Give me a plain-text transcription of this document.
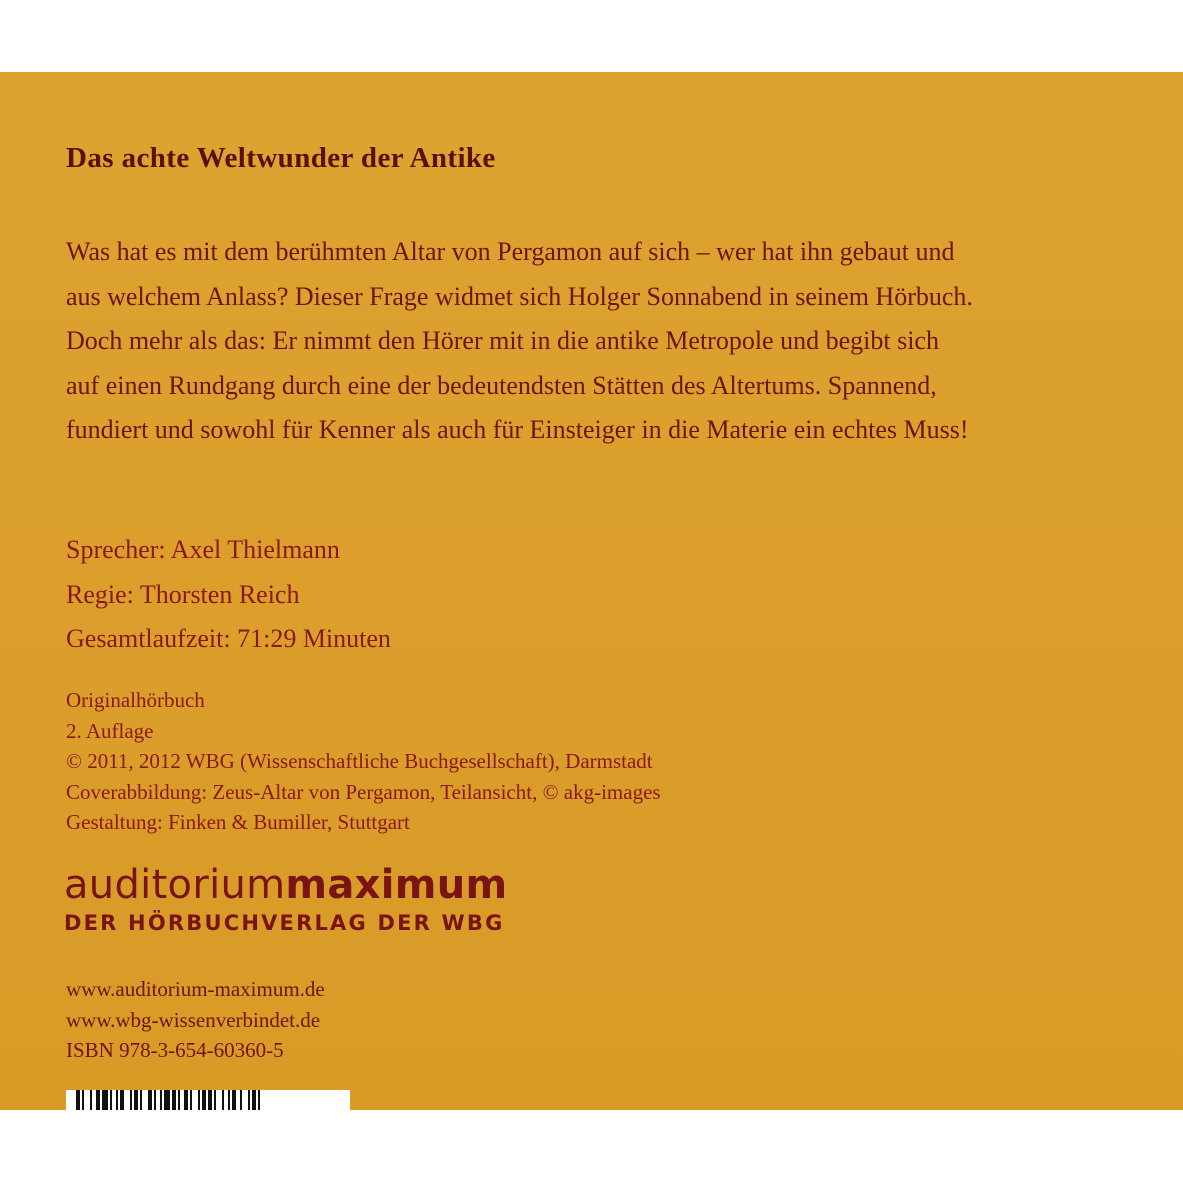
Das achte Weltwunder der Antike
Was hat es mit dem berühmten Altar von Pergamon auf sich – wer hat ihn gebaut und
aus welchem Anlass? Dieser Frage widmet sich Holger Sonnabend in seinem Hörbuch.
Doch mehr als das: Er nimmt den Hörer mit in die antike Metropole und begibt sich
auf einen Rundgang durch eine der bedeutendsten Stätten des Altertums. Spannend,
fundiert und sowohl für Kenner als auch für Einsteiger in die Materie ein echtes Muss!
Sprecher: Axel Thielmann
Regie: Thorsten Reich
Gesamtlaufzeit: 71:29 Minuten
Originalhörbuch
2. Auflage
© 2011, 2012 WBG (Wissenschaftliche Buchgesellschaft), Darmstadt
Coverabbildung: Zeus-Altar von Pergamon, Teilansicht, © akg-images
Gestaltung: Finken & Bumiller, Stuttgart
auditoriummaximum
DER HÖRBUCHVERLAG DER WBG
www.auditorium-maximum.de
www.wbg-wissenverbindet.de
ISBN 978-3-654-60360-5
